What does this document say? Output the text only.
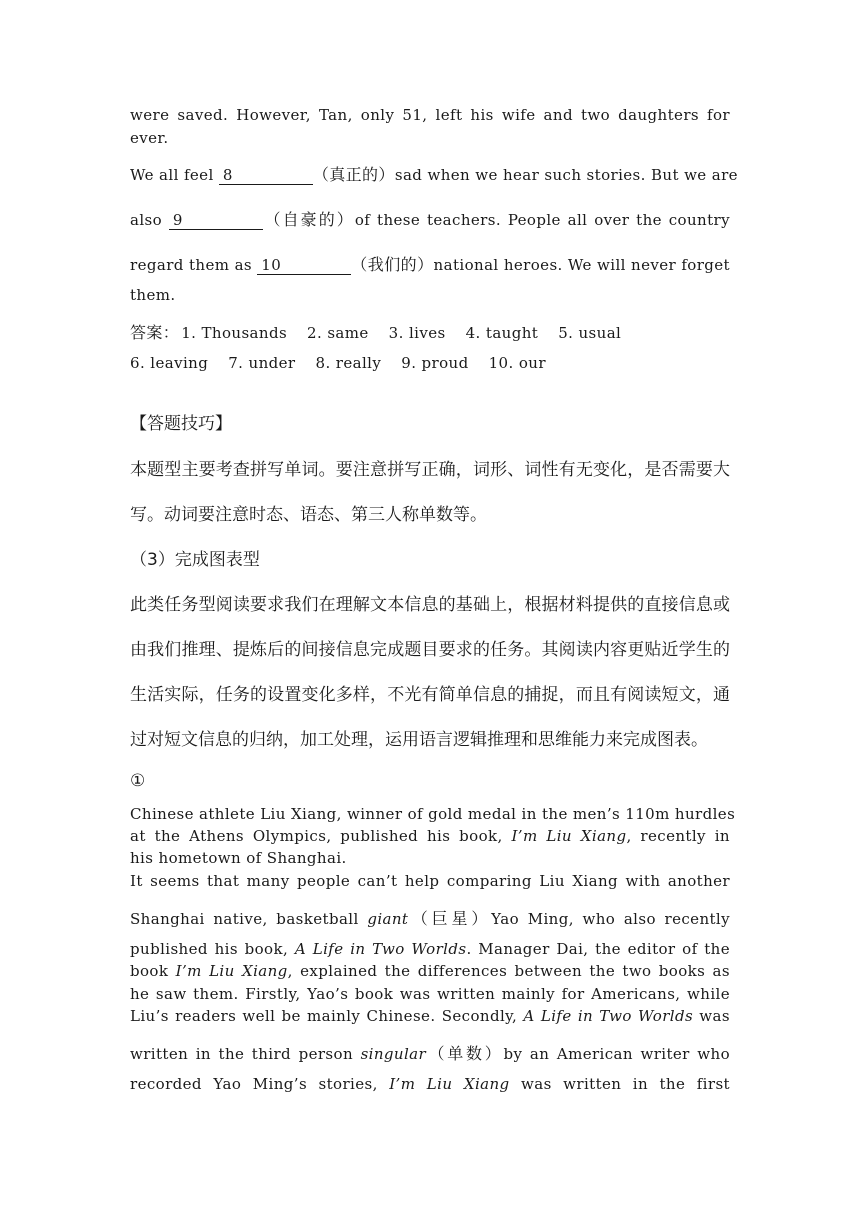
were saved. However, Tan, only 51, left his wife and two daughters for
ever.
We all feel 8	（真正的）sad when we hear such stories. But we are
also 9	（自豪的）of these teachers. People all over the country
regard them as 10	（我们的）national heroes. We will never forget
them.
答案： 1. Thousands 2. same 3. lives 4. taught 5. usual
6. leaving 7. under 8. really 9. proud 10. our
【答题技巧】
本题型主要考查拼写单词。要注意拼写正确，词形、词性有无变化，是否需要大
写。动词要注意时态、语态、第三人称单数等。
（3）完成图表型
此类任务型阅读要求我们在理解文本信息的基础上，根据材料提供的直接信息或
由我们推理、提炼后的间接信息完成题目要求的任务。其阅读内容更贴近学生的
生活实际，任务的设置变化多样，不光有简单信息的捕捉，而且有阅读短文，通
过对短文信息的归纳，加工处理，运用语言逻辑推理和思维能力来完成图表。
①
Chinese athlete Liu Xiang, winner of gold medal in the men’s 110m hurdles
at the Athens Olympics, published his book, I’m Liu Xiang, recently in
his hometown of Shanghai.
It seems that many people can’t help comparing Liu Xiang with another
Shanghai native, basketball giant（巨星）Yao Ming, who also recently
published his book, A Life in Two Worlds. Manager Dai, the editor of the
book I’m Liu Xiang, explained the differences between the two books as
he saw them. Firstly, Yao’s book was written mainly for Americans, while
Liu’s readers well be mainly Chinese. Secondly, A Life in Two Worlds was
written in the third person singular（单数）by an American writer who
recorded Yao Ming’s stories, I’m Liu Xiang was written in the first
